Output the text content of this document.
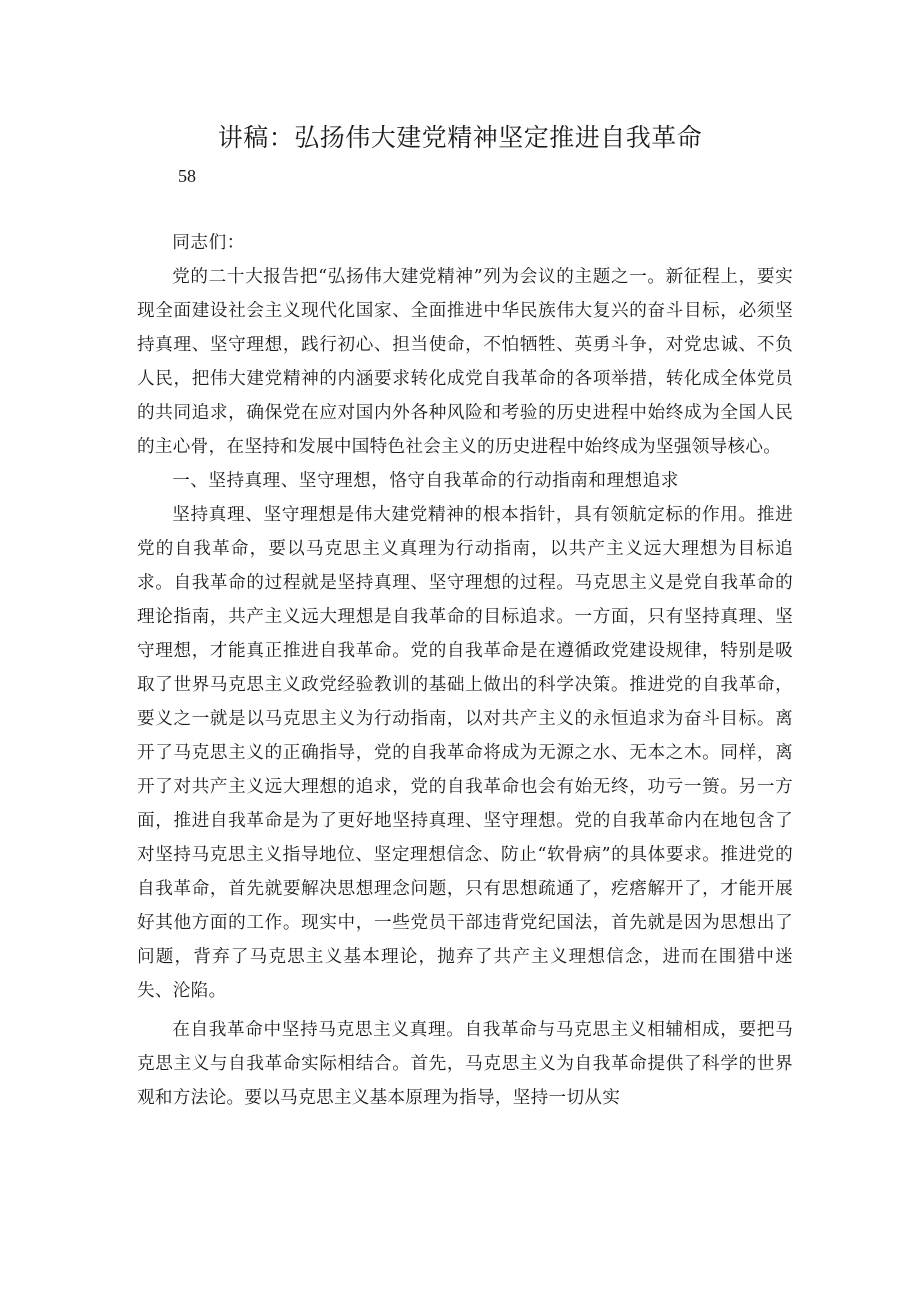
讲稿：弘扬伟大建党精神坚定推进自我革命
58

同志们：

党的二十大报告把“弘扬伟大建党精神”列为会议的主题之一。新征程上，要实现全面建设社会主义现代化国家、全面推进中华民族伟大复兴的奋斗目标，必须坚持真理、坚守理想，践行初心、担当使命，不怕牺牲、英勇斗争，对党忠诚、不负人民，把伟大建党精神的内涵要求转化成党自我革命的各项举措，转化成全体党员的共同追求，确保党在应对国内外各种风险和考验的历史进程中始终成为全国人民的主心骨，在坚持和发展中国特色社会主义的历史进程中始终成为坚强领导核心。

一、坚持真理、坚守理想，恪守自我革命的行动指南和理想追求

坚持真理、坚守理想是伟大建党精神的根本指针，具有领航定标的作用。推进党的自我革命，要以马克思主义真理为行动指南，以共产主义远大理想为目标追求。自我革命的过程就是坚持真理、坚守理想的过程。马克思主义是党自我革命的理论指南，共产主义远大理想是自我革命的目标追求。一方面，只有坚持真理、坚守理想，才能真正推进自我革命。党的自我革命是在遵循政党建设规律，特别是吸取了世界马克思主义政党经验教训的基础上做出的科学决策。推进党的自我革命，要义之一就是以马克思主义为行动指南，以对共产主义的永恒追求为奋斗目标。离开了马克思主义的正确指导，党的自我革命将成为无源之水、无本之木。同样，离开了对共产主义远大理想的追求，党的自我革命也会有始无终，功亏一篑。另一方面，推进自我革命是为了更好地坚持真理、坚守理想。党的自我革命内在地包含了对坚持马克思主义指导地位、坚定理想信念、防止“软骨病”的具体要求。推进党的自我革命，首先就要解决思想理念问题，只有思想疏通了，疙瘩解开了，才能开展好其他方面的工作。现实中，一些党员干部违背党纪国法，首先就是因为思想出了问题，背弃了马克思主义基本理论，抛弃了共产主义理想信念，进而在围猎中迷失、沦陷。

在自我革命中坚持马克思主义真理。自我革命与马克思主义相辅相成，要把马克思主义与自我革命实际相结合。首先，马克思主义为自我革命提供了科学的世界观和方法论。要以马克思主义基本原理为指导，坚持一切从实
